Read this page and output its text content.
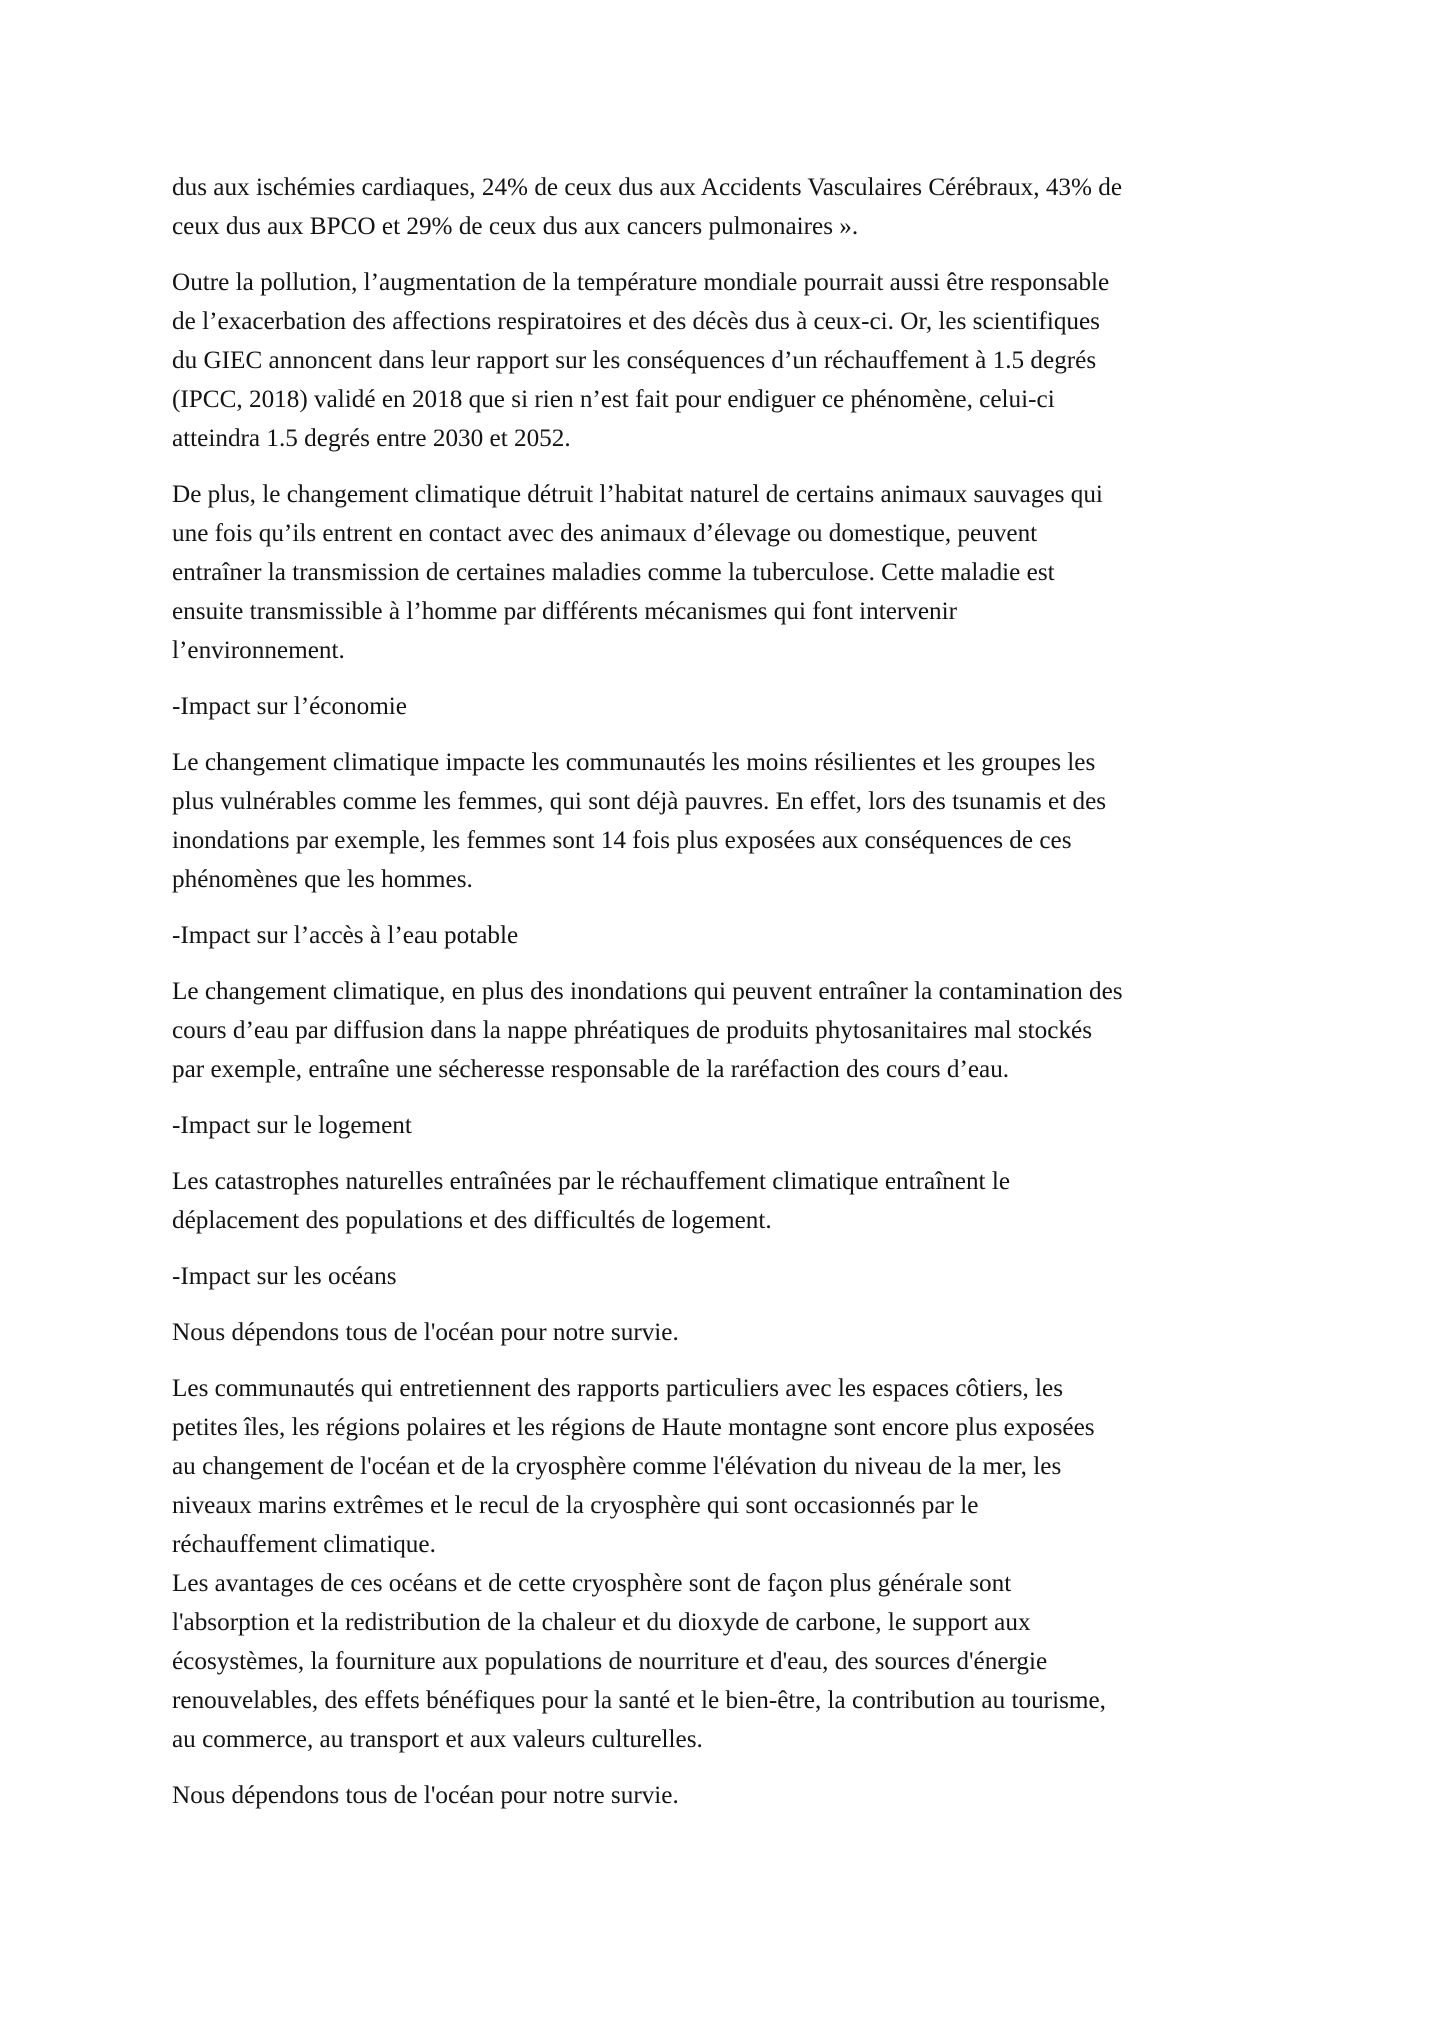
dus aux ischémies cardiaques, 24% de ceux dus aux Accidents Vasculaires Cérébraux, 43% de
ceux dus aux BPCO et 29% de ceux dus aux cancers pulmonaires ».

Outre la pollution, l’augmentation de la température mondiale pourrait aussi être responsable
de l’exacerbation des affections respiratoires et des décès dus à ceux-ci. Or, les scientifiques
du GIEC annoncent dans leur rapport sur les conséquences d’un réchauffement à 1.5 degrés
(IPCC, 2018) validé en 2018 que si rien n’est fait pour endiguer ce phénomène, celui-ci
atteindra 1.5 degrés entre 2030 et 2052.

De plus, le changement climatique détruit l’habitat naturel de certains animaux sauvages qui
une fois qu’ils entrent en contact avec des animaux d’élevage ou domestique, peuvent
entraîner la transmission de certaines maladies comme la tuberculose. Cette maladie est
ensuite transmissible à l’homme par différents mécanismes qui font intervenir
l’environnement.

-Impact sur l’économie

Le changement climatique impacte les communautés les moins résilientes et les groupes les
plus vulnérables comme les femmes, qui sont déjà pauvres. En effet, lors des tsunamis et des
inondations par exemple, les femmes sont 14 fois plus exposées aux conséquences de ces
phénomènes que les hommes.

-Impact sur l’accès à l’eau potable

Le changement climatique, en plus des inondations qui peuvent entraîner la contamination des
cours d’eau par diffusion dans la nappe phréatiques de produits phytosanitaires mal stockés
par exemple, entraîne une sécheresse responsable de la raréfaction des cours d’eau.

-Impact sur le logement

Les catastrophes naturelles entraînées par le réchauffement climatique entraînent le
déplacement des populations et des difficultés de logement.

-Impact sur les océans

Nous dépendons tous de l'océan pour notre survie.

Les communautés qui entretiennent des rapports particuliers avec les espaces côtiers, les
petites îles, les régions polaires et les régions de Haute montagne sont encore plus exposées
au changement de l'océan et de la cryosphère comme l'élévation du niveau de la mer, les
niveaux marins extrêmes et le recul de la cryosphère qui sont occasionnés par le
réchauffement climatique.

Les avantages de ces océans et de cette cryosphère sont de façon plus générale sont
l'absorption et la redistribution de la chaleur et du dioxyde de carbone, le support aux
écosystèmes, la fourniture aux populations de nourriture et d'eau, des sources d'énergie
renouvelables, des effets bénéfiques pour la santé et le bien-être, la contribution au tourisme,
au commerce, au transport et aux valeurs culturelles.

Nous dépendons tous de l'océan pour notre survie.
